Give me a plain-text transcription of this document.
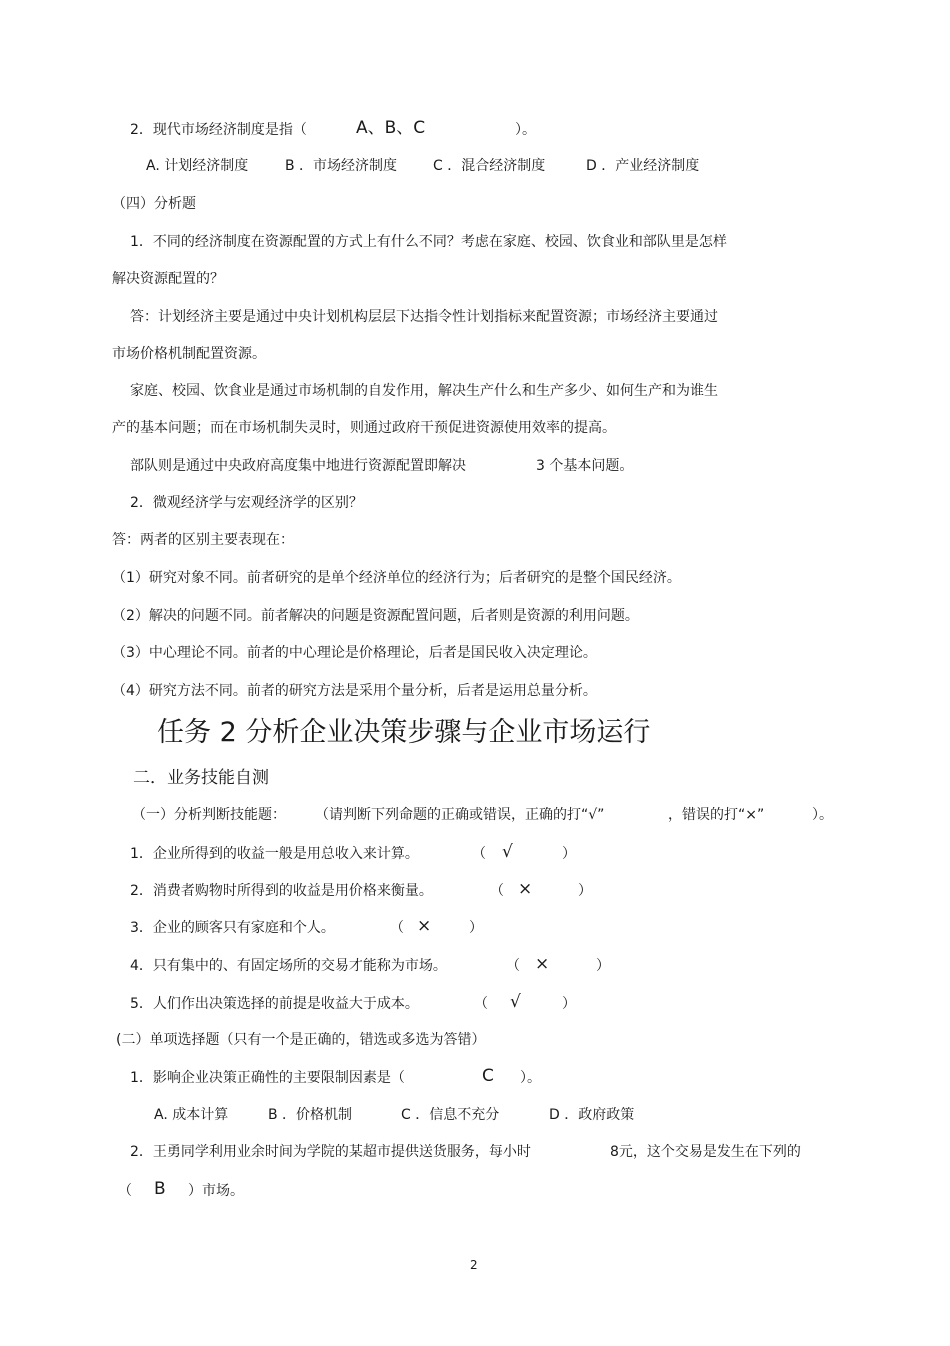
2．现代市场经济制度是指（	A、B、C	）。
A. 计划经济制度	B ．市场经济制度	C ．混合经济制度	D ．产业经济制度
（四）分析题
1．不同的经济制度在资源配置的方式上有什么不同？考虑在家庭、校园、饮食业和部队里是怎样
解决资源配置的？
答：计划经济主要是通过中央计划机构层层下达指令性计划指标来配置资源；市场经济主要通过
市场价格机制配置资源。
家庭、校园、饮食业是通过市场机制的自发作用，解决生产什么和生产多少、如何生产和为谁生
产的基本问题；而在市场机制失灵时，则通过政府干预促进资源使用效率的提高。
部队则是通过中央政府高度集中地进行资源配置即解决	3 个基本问题。
2．微观经济学与宏观经济学的区别？
答：两者的区别主要表现在：
（1）研究对象不同。前者研究的是单个经济单位的经济行为；后者研究的是整个国民经济。
（2）解决的问题不同。前者解决的问题是资源配置问题，后者则是资源的利用问题。
（3）中心理论不同。前者的中心理论是价格理论，后者是国民收入决定理论。
（4）研究方法不同。前者的研究方法是采用个量分析，后者是运用总量分析。
任务 2 分析企业决策步骤与企业市场运行
二．业务技能自测
（一）分析判断技能题： （请判断下列命题的正确或错误，正确的打“√”	，错误的打“×”	）。
1．企业所得到的收益一般是用总收入来计算。	（ √	）
2．消费者购物时所得到的收益是用价格来衡量。	（ ×	）
3．企业的顾客只有家庭和个人。	（ ×	）
4．只有集中的、有固定场所的交易才能称为市场。	（ ×	）
5．人们作出决策选择的前提是收益大于成本。	（ √	）
(二）单项选择题（只有一个是正确的，错选或多选为答错）
1．影响企业决策正确性的主要限制因素是（	C ）。
A. 成本计算	B ．价格机制	C ．信息不充分	D ．政府政策
2．王勇同学利用业余时间为学院的某超市提供送货服务，每小时	8元，这个交易是发生在下列的
（ B ）市场。
2
